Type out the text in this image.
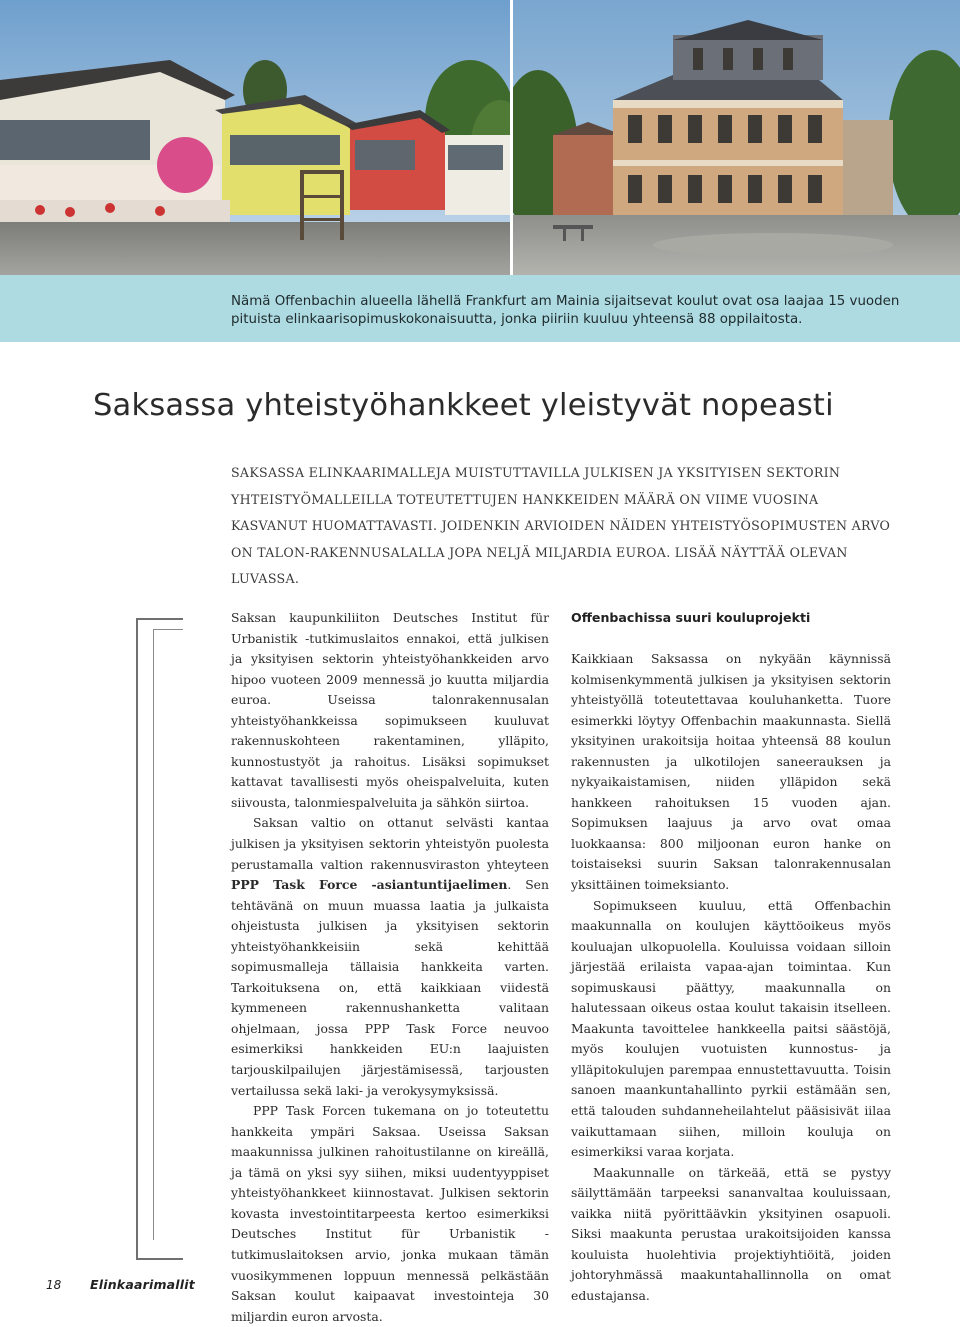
Nämä Offenbachin alueella lähellä Frankfurt am Mainia sijaitsevat koulut ovat osa laajaa 15 vuoden pituista elinkaarisopimuskokonaisuutta, jonka piiriin kuuluu yhteensä 88 oppilaitosta.

Saksassa yhteistyöhankkeet yleistyvät nopeasti

SAKSASSA ELINKAARIMALLEJA MUISTUTTAVILLA JULKISEN JA YKSITYISEN SEKTORIN YHTEISTYÖMALLEILLA TOTEUTETTUJEN HANKKEIDEN MÄÄRÄ ON VIIME VUOSINA KASVANUT HUOMATTAVASTI. JOIDENKIN ARVIOIDEN NÄIDEN YHTEISTYÖSOPIMUSTEN ARVO ON TALON-RAKENNUSALALLA JOPA NELJÄ MILJARDIA EUROA. LISÄÄ NÄYTTÄÄ OLEVAN LUVASSA.

Saksan kaupunkiliiton Deutsches Institut für Urbanistik -tutkimuslaitos ennakoi, että julkisen ja yksityisen sektorin yhteistyöhankkeiden arvo hipoo vuoteen 2009 mennessä jo kuutta miljardia euroa. Useissa talonrakennusalan yhteistyöhankkeissa sopimukseen kuuluvat rakennuskohteen rakentaminen, ylläpito, kunnostustyöt ja rahoitus. Lisäksi sopimukset kattavat tavallisesti myös oheispalveluita, kuten siivousta, talonmiespalveluita ja sähkön siirtoa.

Saksan valtio on ottanut selvästi kantaa julkisen ja yksityisen sektorin yhteistyön puolesta perustamalla valtion rakennusviraston yhteyteen PPP Task Force -asiantuntijaelimen. Sen tehtävänä on muun muassa laatia ja julkaista ohjeistusta julkisen ja yksityisen sektorin yhteistyöhankkeisiin sekä kehittää sopimusmalleja tällaisia hankkeita varten. Tarkoituksena on, että kaikkiaan viidestä kymmeneen rakennushanketta valitaan ohjelmaan, jossa PPP Task Force neuvoo esimerkiksi hankkeiden EU:n laajuisten tarjouskilpailujen järjestämisessä, tarjousten vertailussa sekä laki- ja verokysymyksissä.

PPP Task Forcen tukemana on jo toteutettu hankkeita ympäri Saksaa. Useissa Saksan maakunnissa julkinen rahoitustilanne on kireällä, ja tämä on yksi syy siihen, miksi uudentyyppiset yhteistyöhankkeet kiinnostavat. Julkisen sektorin kovasta investointitarpeesta kertoo esimerkiksi Deutsches Institut für Urbanistik -tutkimuslaitoksen arvio, jonka mukaan tämän vuosikymmenen loppuun mennessä pelkästään Saksan koulut kaipaavat investointeja 30 miljardin euron arvosta.

Offenbachissa suuri kouluprojekti

Kaikkiaan Saksassa on nykyään käynnissä kolmisenkymmentä julkisen ja yksityisen sektorin yhteistyöllä toteutettavaa kouluhanketta. Tuore esimerkki löytyy Offenbachin maakunnasta. Siellä yksityinen urakoitsija hoitaa yhteensä 88 koulun rakennusten ja ulkotilojen saneerauksen ja nykyaikaistamisen, niiden ylläpidon sekä hankkeen rahoituksen 15 vuoden ajan. Sopimuksen laajuus ja arvo ovat omaa luokkaansa: 800 miljoonan euron hanke on toistaiseksi suurin Saksan talonrakennusalan yksittäinen toimeksianto.

Sopimukseen kuuluu, että Offenbachin maakunnalla on koulujen käyttöoikeus myös kouluajan ulkopuolella. Kouluissa voidaan silloin järjestää erilaista vapaa-ajan toimintaa. Kun sopimuskausi päättyy, maakunnalla on halutessaan oikeus ostaa koulut takaisin itselleen. Maakunta tavoittelee hankkeella paitsi säästöjä, myös koulujen vuotuisten kunnostus- ja ylläpitokulujen parempaa ennustettavuutta. Toisin sanoen maankuntahallinto pyrkii estämään sen, että talouden suhdanneheilahtelut pääsisivät iilaa vaikuttamaan siihen, milloin kouluja on esimerkiksi varaa korjata.

Maakunnalle on tärkeää, että se pystyy säilyttämään tarpeeksi sananvaltaa kouluissaan, vaikka niitä pyörittäävkin yksityinen osapuoli. Siksi maakunta perustaa urakoitsijoiden kanssa kouluista huolehtivia projektiyhtiöitä, joiden johtoryhmässä maakuntahallinnolla on omat edustajansa.

18 Elinkaarimallit
